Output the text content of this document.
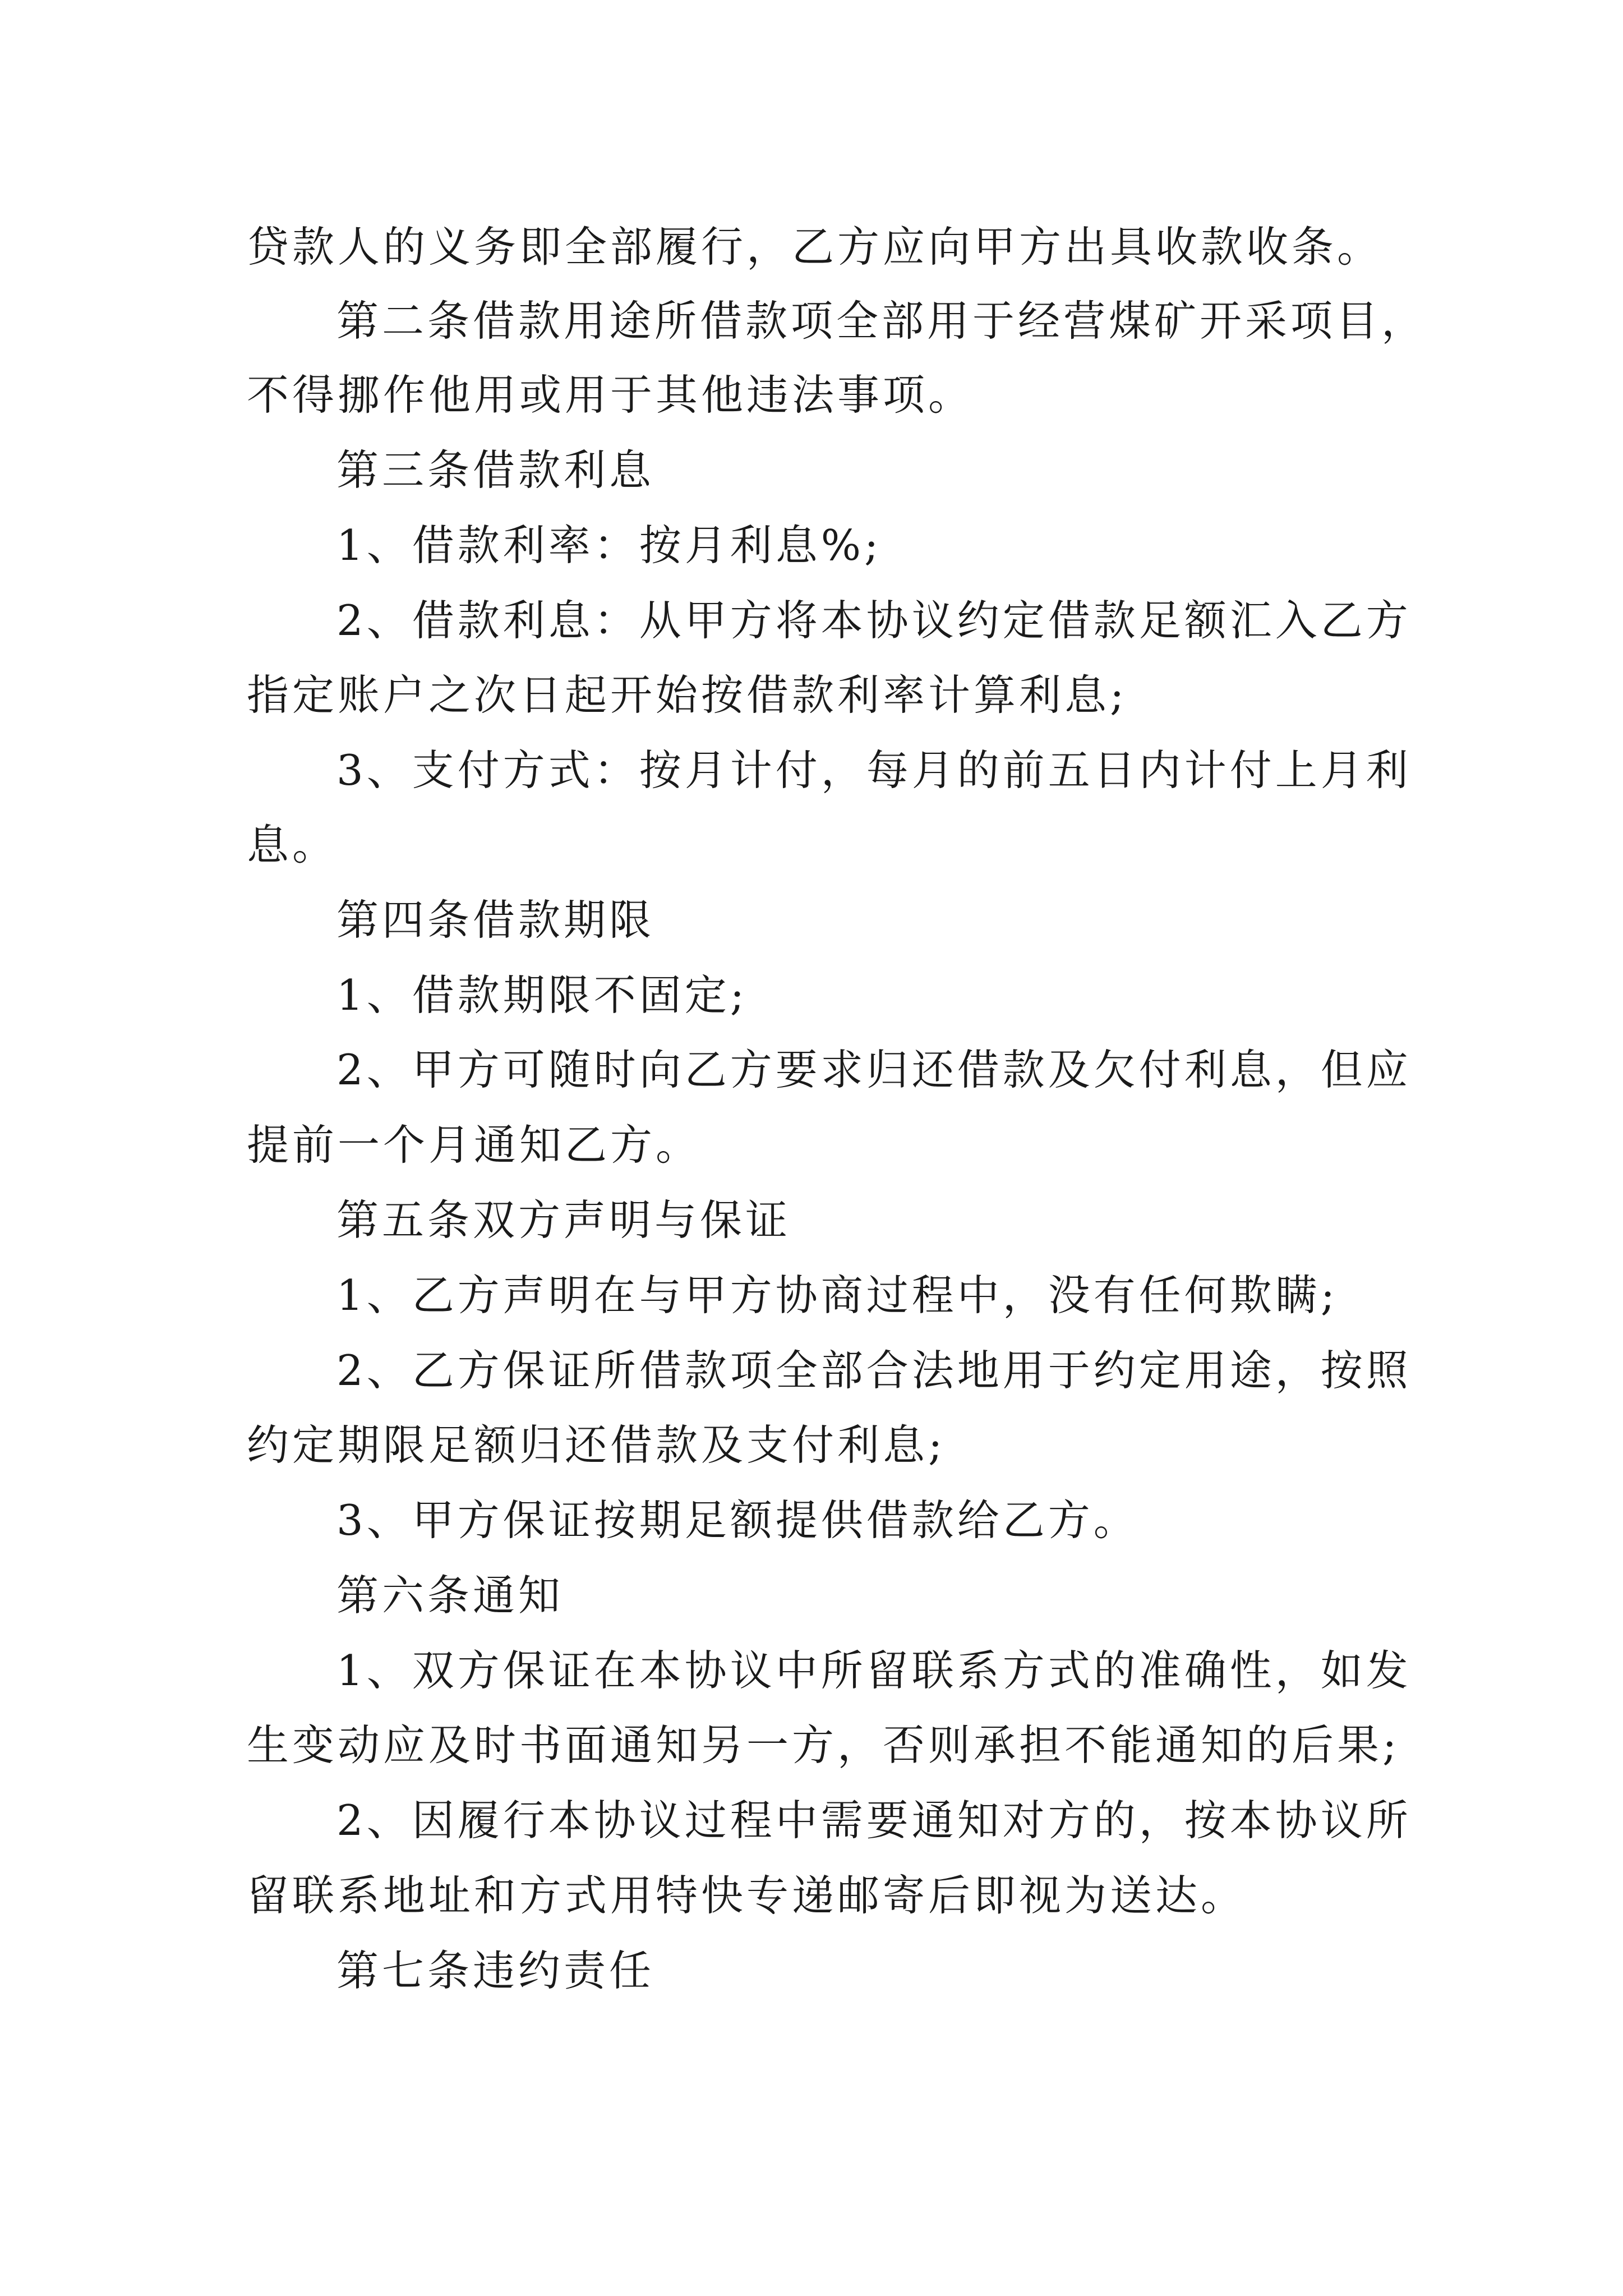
贷款人的义务即全部履行，乙方应向甲方出具收款收条。
第二条借款用途所借款项全部用于经营煤矿开采项目，
不得挪作他用或用于其他违法事项。
第三条借款利息
1、借款利率：按月利息%;
2、借款利息：从甲方将本协议约定借款足额汇入乙方
指定账户之次日起开始按借款利率计算利息;
3、支付方式：按月计付，每月的前五日内计付上月利
息。
第四条借款期限
1、借款期限不固定;
2、甲方可随时向乙方要求归还借款及欠付利息，但应
提前一个月通知乙方。
第五条双方声明与保证
1、乙方声明在与甲方协商过程中，没有任何欺瞒;
2、乙方保证所借款项全部合法地用于约定用途，按照
约定期限足额归还借款及支付利息;
3、甲方保证按期足额提供借款给乙方。
第六条通知
1、双方保证在本协议中所留联系方式的准确性，如发
生变动应及时书面通知另一方，否则承担不能通知的后果;
2、因履行本协议过程中需要通知对方的，按本协议所
留联系地址和方式用特快专递邮寄后即视为送达。
第七条违约责任
